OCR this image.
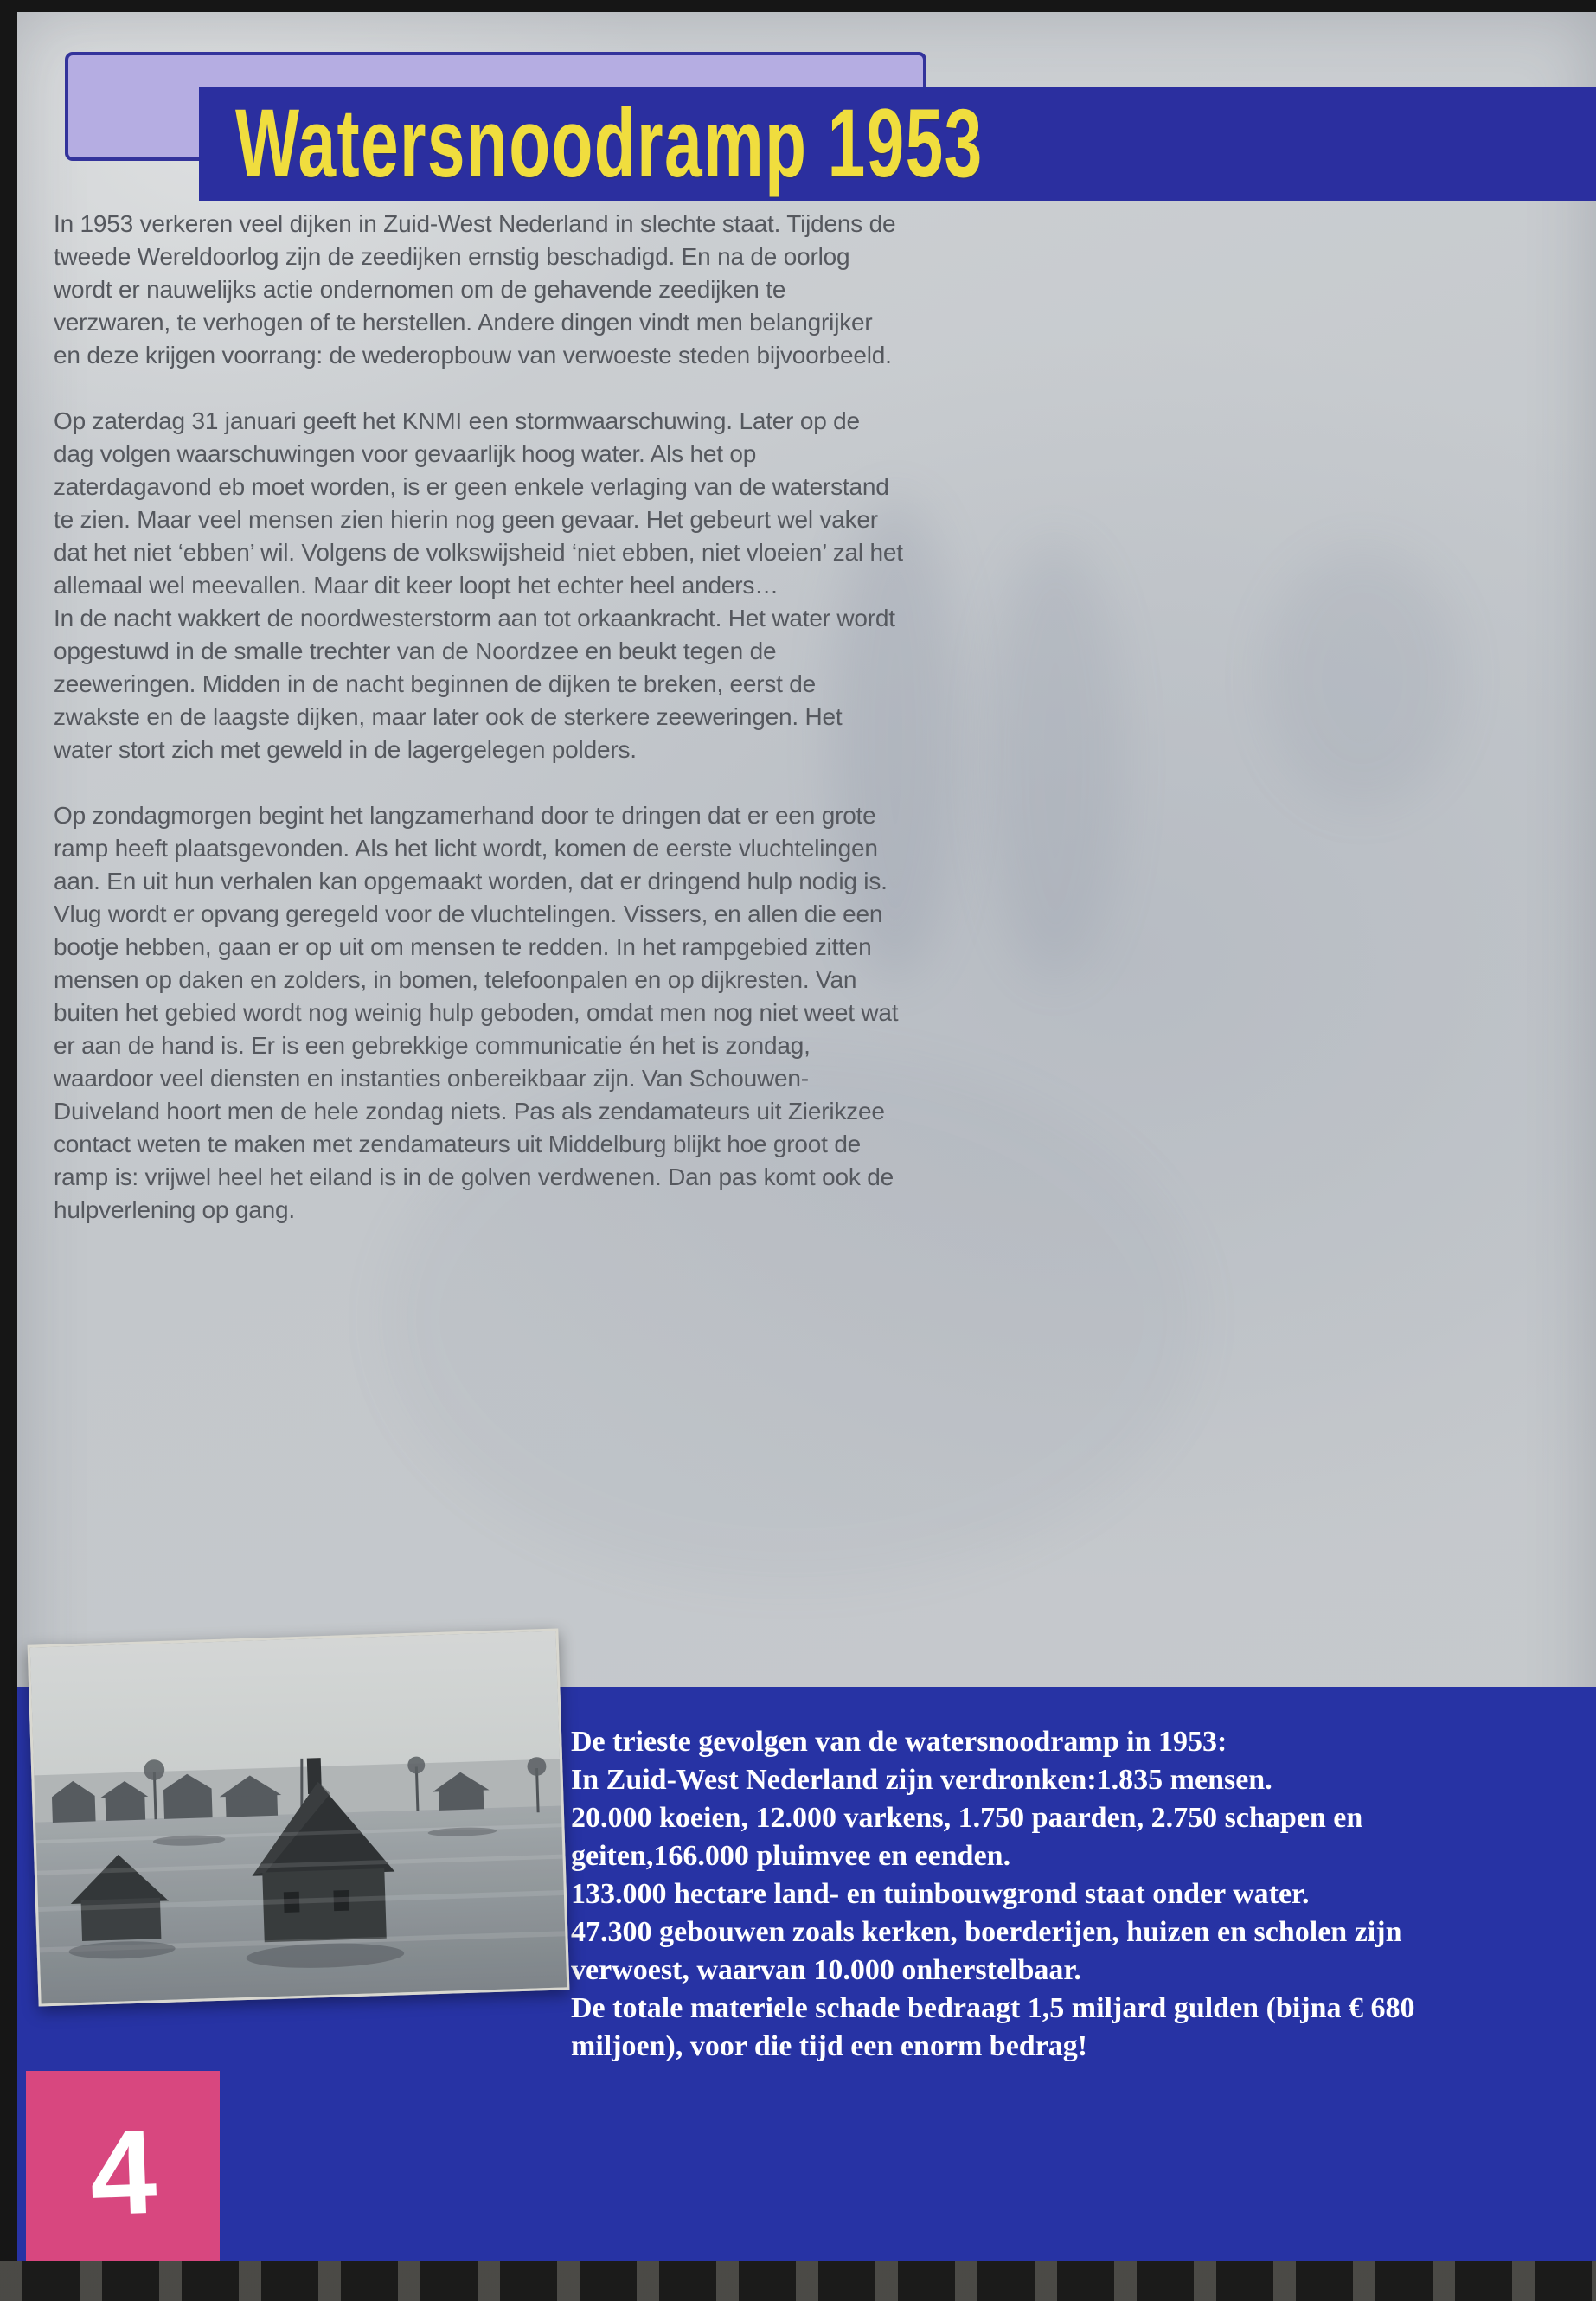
Watersnoodramp 1953

In 1953 verkeren veel dijken in Zuid-West Nederland in slechte staat. Tijdens de tweede Wereldoorlog zijn de zeedijken ernstig beschadigd. En na de oorlog wordt er nauwelijks actie ondernomen om de gehavende zeedijken te verzwaren, te verhogen of te herstellen. Andere dingen vindt men belangrijker en deze krijgen voorrang: de wederopbouw van verwoeste steden bijvoorbeeld.

Op zaterdag 31 januari geeft het KNMI een stormwaarschuwing. Later op de dag volgen waarschuwingen voor gevaarlijk hoog water. Als het op zaterdagavond eb moet worden, is er geen enkele verlaging van de waterstand te zien. Maar veel mensen zien hierin nog geen gevaar. Het gebeurt wel vaker dat het niet ‘ebben’ wil. Volgens de volkswijsheid ‘niet ebben, niet vloeien’ zal het allemaal wel meevallen. Maar dit keer loopt het echter heel anders…

In de nacht wakkert de noordwesterstorm aan tot orkaankracht. Het water wordt opgestuwd in de smalle trechter van de Noordzee en beukt tegen de zeeweringen. Midden in de nacht beginnen de dijken te breken, eerst de zwakste en de laagste dijken, maar later ook de sterkere zeeweringen. Het water stort zich met geweld in de lagergelegen polders.

Op zondagmorgen begint het langzamerhand door te dringen dat er een grote ramp heeft plaatsgevonden. Als het licht wordt, komen de eerste vluchtelingen aan. En uit hun verhalen kan opgemaakt worden, dat er dringend hulp nodig is. Vlug wordt er opvang geregeld voor de vluchtelingen. Vissers, en allen die een bootje hebben, gaan er op uit om mensen te redden. In het rampgebied zitten mensen op daken en zolders, in bomen, telefoonpalen en op dijkresten. Van buiten het gebied wordt nog weinig hulp geboden, omdat men nog niet weet wat er aan de hand is. Er is een gebrekkige communicatie én het is zondag, waardoor veel diensten en instanties onbereikbaar zijn. Van Schouwen-Duiveland hoort men de hele zondag niets. Pas als zendamateurs uit Zierikzee contact weten te maken met zendamateurs uit Middelburg blijkt hoe groot de ramp is: vrijwel heel het eiland is in de golven verdwenen. Dan pas komt ook de hulpverlening op gang.

De trieste gevolgen van de watersnoodramp in 1953:

In Zuid-West Nederland zijn verdronken:1.835 mensen.

20.000 koeien, 12.000 varkens, 1.750 paarden, 2.750 schapen en geiten,166.000 pluimvee en eenden.

133.000 hectare land- en tuinbouwgrond staat onder water.

47.300 gebouwen zoals kerken, boerderijen, huizen en scholen zijn verwoest, waarvan 10.000 onherstelbaar.

De totale materiele schade bedraagt 1,5 miljard gulden (bijna € 680 miljoen), voor die tijd een enorm bedrag!

4
